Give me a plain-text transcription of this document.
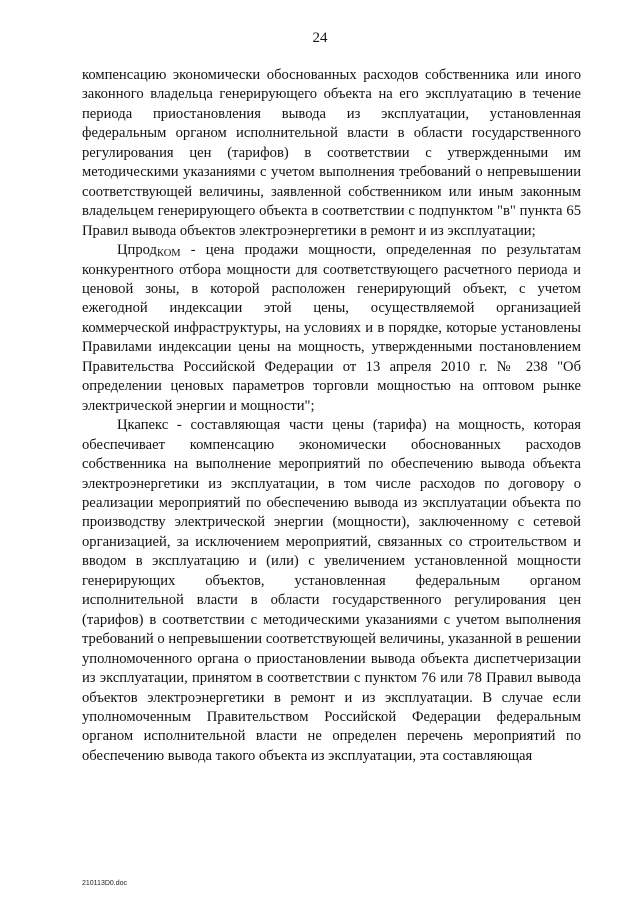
24

компенсацию экономически обоснованных расходов собственника или иного законного владельца генерирующего объекта на его эксплуатацию в течение периода приостановления вывода из эксплуатации, установленная федеральным органом исполнительной власти в области государственного регулирования цен (тарифов) в соответствии с утвержденными им методическими указаниями с учетом выполнения требований о непревышении соответствующей величины, заявленной собственником или иным законным владельцем генерирующего объекта в соответствии с подпунктом "в" пункта 65 Правил вывода объектов электроэнергетики в ремонт и из эксплуатации;

ЦпродКОМ - цена продажи мощности, определенная по результатам конкурентного отбора мощности для соответствующего расчетного периода и ценовой зоны, в которой расположен генерирующий объект, с учетом ежегодной индексации этой цены, осуществляемой организацией коммерческой инфраструктуры, на условиях и в порядке, которые установлены Правилами индексации цены на мощность, утвержденными постановлением Правительства Российской Федерации от 13 апреля 2010 г. № 238 "Об определении ценовых параметров торговли мощностью на оптовом рынке электрической энергии и мощности";

Цкапекс - составляющая части цены (тарифа) на мощность, которая обеспечивает компенсацию экономически обоснованных расходов собственника на выполнение мероприятий по обеспечению вывода объекта электроэнергетики из эксплуатации, в том числе расходов по договору о реализации мероприятий по обеспечению вывода из эксплуатации объекта по производству электрической энергии (мощности), заключенному с сетевой организацией, за исключением мероприятий, связанных со строительством и вводом в эксплуатацию и (или) с увеличением установленной мощности генерирующих объектов, установленная федеральным органом исполнительной власти в области государственного регулирования цен (тарифов) в соответствии с методическими указаниями с учетом выполнения требований о непревышении соответствующей величины, указанной в решении уполномоченного органа о приостановлении вывода объекта диспетчеризации из эксплуатации, принятом в соответствии с пунктом 76 или 78 Правил вывода объектов электроэнергетики в ремонт и из эксплуатации. В случае если уполномоченным Правительством Российской Федерации федеральным органом исполнительной власти не определен перечень мероприятий по обеспечению вывода такого объекта из эксплуатации, эта составляющая

210113D0.doc
